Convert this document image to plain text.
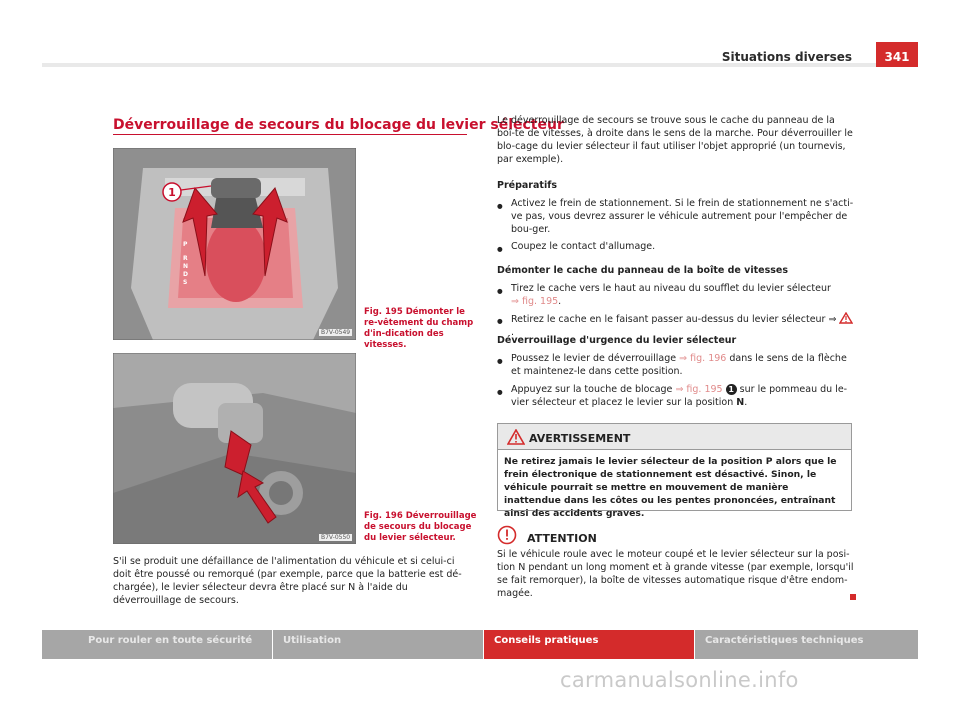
Situations diverses	341
Déverrouillage de secours du blocage du levier sélecteur
1
P
R
N
D
S
B7V-0549
Fig. 195 Démonter le re-vêtement du champ d'in-dication des vitesses.
B7V-0550
Fig. 196 Déverrouillage de secours du blocage du levier sélecteur.
S'il se produit une défaillance de l'alimentation du véhicule et si celui-ci doit être poussé ou remorqué (par exemple, parce que la batterie est dé-chargée), le levier sélecteur devra être placé sur N à l'aide du déverrouillage de secours.
Le déverrouillage de secours se trouve sous le cache du panneau de la boî-te de vitesses, à droite dans le sens de la marche. Pour déverrouiller le blo-cage du levier sélecteur il faut utiliser l'objet approprié (un tournevis, par exemple).
Préparatifs
● Activez le frein de stationnement. Si le frein de stationnement ne s'acti-ve pas, vous devrez assurer le véhicule autrement pour l'empêcher de bou-ger.
● Coupez le contact d'allumage.
Démonter le cache du panneau de la boîte de vitesses
● Tirez le cache vers le haut au niveau du soufflet du levier sélecteur
⇒ fig. 195.
● Retirez le cache en le faisant passer au-dessus du levier sélecteur ⇒ .
Déverrouillage d'urgence du levier sélecteur
● Poussez le levier de déverrouillage ⇒ fig. 196 dans le sens de la flèche et maintenez-le dans cette position.
● Appuyez sur la touche de blocage ⇒ fig. 195 1 sur le pommeau du le-vier sélecteur et placez le levier sur la position N.
AVERTISSEMENT
Ne retirez jamais le levier sélecteur de la position P alors que le frein électronique de stationnement est désactivé. Sinon, le véhicule pourrait se mettre en mouvement de manière inattendue dans les côtes ou les pentes prononcées, entraînant ainsi des accidents graves.
ATTENTION
Si le véhicule roule avec le moteur coupé et le levier sélecteur sur la posi-tion N pendant un long moment et à grande vitesse (par exemple, lorsqu'il se fait remorquer), la boîte de vitesses automatique risque d'être endom-magée.
Pour rouler en toute sécurité	Utilisation	Conseils pratiques	Caractéristiques techniques
carmanualsonline.info
